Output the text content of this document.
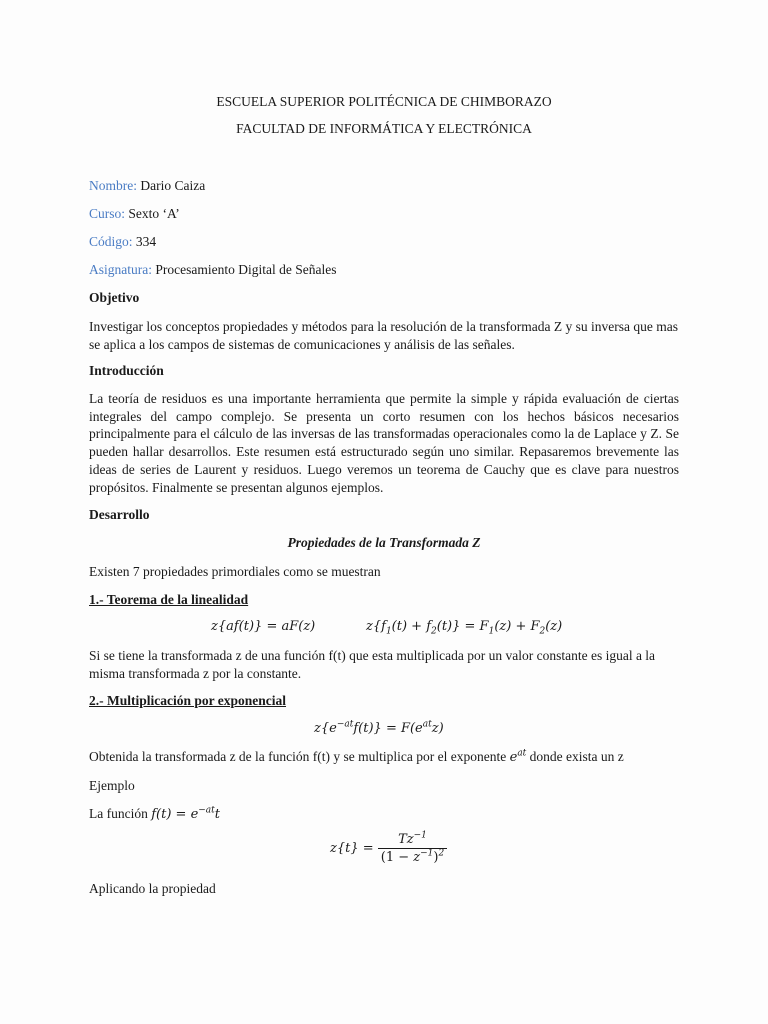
ESCUELA SUPERIOR POLITÉCNICA DE CHIMBORAZO
FACULTAD DE INFORMÁTICA Y ELECTRÓNICA
Nombre: Dario Caiza
Curso: Sexto ‘A’
Código: 334
Asignatura: Procesamiento Digital de Señales
Objetivo
Investigar los conceptos propiedades y métodos para la resolución de la transformada Z y su inversa que mas se aplica a los campos de sistemas de comunicaciones y análisis de las señales.
Introducción
La teoría de residuos es una importante herramienta que permite la simple y rápida evaluación de ciertas integrales del campo complejo. Se presenta un corto resumen con los hechos básicos necesarios principalmente para el cálculo de las inversas de las transformadas operacionales como la de Laplace y Z. Se pueden hallar desarrollos. Este resumen está estructurado según uno similar. Repasaremos brevemente las ideas de series de Laurent y residuos. Luego veremos un teorema de Cauchy que es clave para nuestros propósitos. Finalmente se presentan algunos ejemplos.
Desarrollo
Propiedades de la Transformada Z
Existen 7 propiedades primordiales como se muestran
1.- Teorema de la linealidad
z{af(t)} = aF(z)	$z\{f_1(t) + f_2(t)\} = F_1(z) + F_2(z)$
Si se tiene la transformada z de una función f(t) que esta multiplicada por un valor constante es igual a la misma transformada z por la constante.
2.- Multiplicación por exponencial
$z\{e^{-at}f(t)\} = F(e^{at}z)$
Obtenida la transformada z de la función f(t) y se multiplica por el exponente $e^{at}$ donde exista un z
Ejemplo
La función $f(t) = e^{-at}t$
$z\{t\} = \frac{Tz^{-1}}{(1 - z^{-1})^2}$
Aplicando la propiedad
